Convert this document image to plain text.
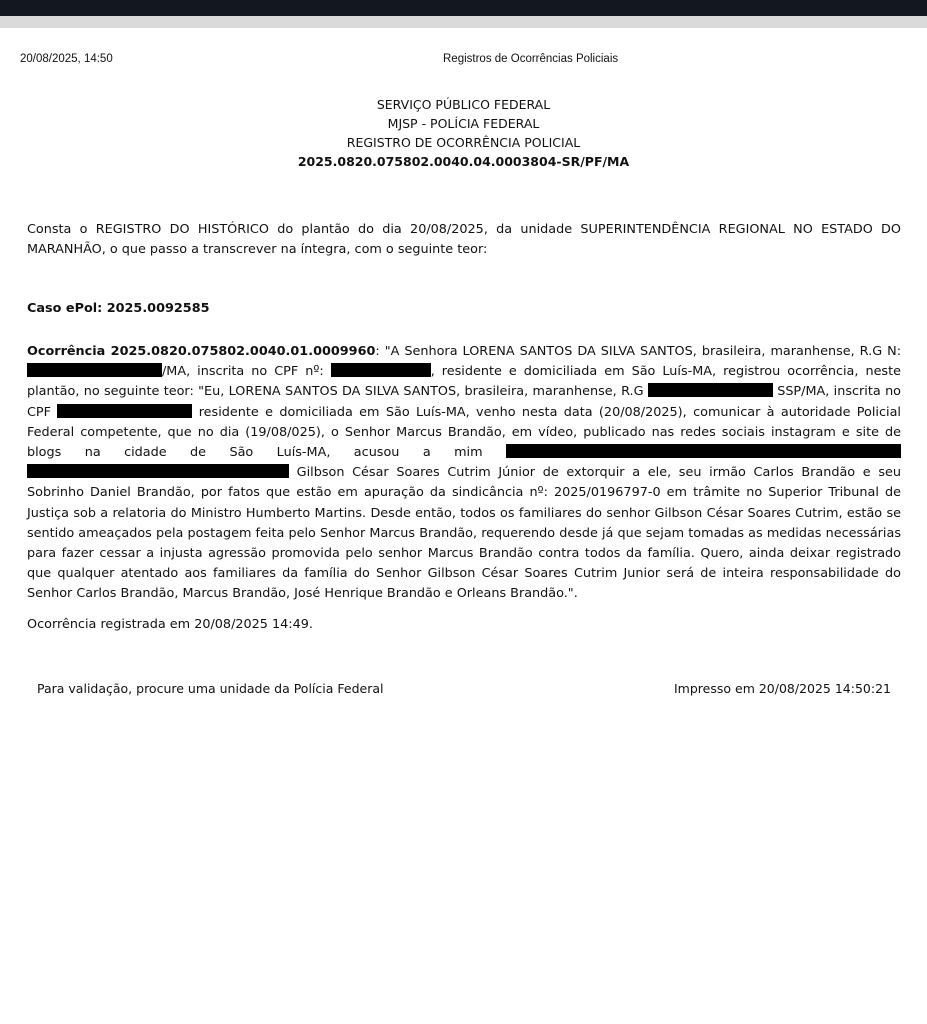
20/08/2025, 14:50	Registros de Ocorrências Policiais
SERVIÇO PÚBLICO FEDERAL
MJSP - POLÍCIA FEDERAL
REGISTRO DE OCORRÊNCIA POLICIAL
2025.0820.075802.0040.04.0003804-SR/PF/MA
Consta o REGISTRO DO HISTÓRICO do plantão do dia 20/08/2025, da unidade SUPERINTENDÊNCIA REGIONAL NO ESTADO DO MARANHÃO, o que passo a transcrever na íntegra, com o seguinte teor:
Caso ePol: 2025.0092585
Ocorrência 2025.0820.075802.0040.01.0009960: "A Senhora LORENA SANTOS DA SILVA SANTOS, brasileira, maranhense, R.G N: /MA, inscrita no CPF nº:	, residente e domiciliada em São Luís-MA, registrou ocorrência, neste plantão, no seguinte teor: "Eu, LORENA SANTOS DA SILVA SANTOS, brasileira, maranhense, R.G	SSP/MA, inscrita no CPF	residente e domiciliada em São Luís-MA, venho nesta data (20/08/2025), comunicar à autoridade Policial Federal competente, que no dia (19/08/025), o Senhor Marcus Brandão, em vídeo, publicado nas redes sociais instagram e site de blogs na cidade de São Luís-MA, acusou a mim   Gilbson César Soares Cutrim Júnior de extorquir a ele, seu irmão Carlos Brandão e seu Sobrinho Daniel Brandão, por fatos que estão em apuração da sindicância nº: 2025/0196797-0 em trâmite no Superior Tribunal de Justiça sob a relatoria do Ministro Humberto Martins. Desde então, todos os familiares do senhor Gilbson César Soares Cutrim, estão se sentido ameaçados pela postagem feita pelo Senhor Marcus Brandão, requerendo desde já que sejam tomadas as medidas necessárias para fazer cessar a injusta agressão promovida pelo senhor Marcus Brandão contra todos da família. Quero, ainda deixar registrado que qualquer atentado aos familiares da família do Senhor Gilbson César Soares Cutrim Junior será de inteira responsabilidade do Senhor Carlos Brandão, Marcus Brandão, José Henrique Brandão e Orleans Brandão.".
Ocorrência registrada em 20/08/2025 14:49.
Para validação, procure uma unidade da Polícia Federal	Impresso em 20/08/2025 14:50:21
